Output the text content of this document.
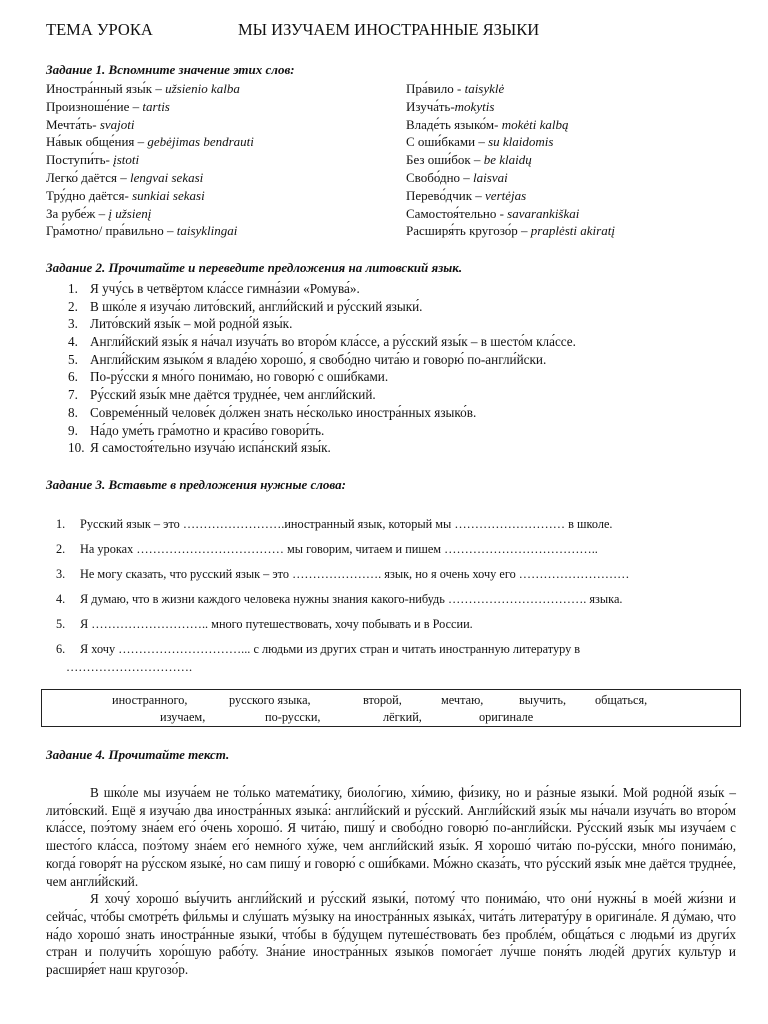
ТЕМА УРОКА	МЫ ИЗУЧАЕМ ИНОСТРАННЫЕ ЯЗЫКИ
Задание 1. Вспомните значение этих слов:
Иностра́нный язы́к – užsienio kalba
Произноше́ние – tartis
Мечта́ть- svajoti
На́вык обще́ния – gebėjimas bendrauti
Поступи́ть- įstoti
Легко́ даётся – lengvai sekasi
Тру́дно даётся- sunkiai sekasi
За рубе́ж – į užsienį
Гра́мотно/ пра́вильно – taisyklingai
Пра́вило - taisyklė
Изуча́ть-mokytis
Владе́ть языко́м- mokėti kalbą
С оши́бками – su klaidomis
Без оши́бок – be klaidų
Свобо́дно – laisvai
Перево́дчик – vertėjas
Самостоя́тельно - savarankiškai
Расширя́ть кругозо́р – praplėsti akiratį
Задание 2. Прочитайте и переведите предложения на литовский язык.
1. Я учу́сь в четвёртом кла́ссе гимна́зии «Ромува́».
2. В шко́ле я изуча́ю лито́вский, англи́йский и ру́сский языки́.
3. Лито́вский язы́к – мой родно́й язы́к.
4. Англи́йский язы́к я на́чал изуча́ть во второ́м кла́ссе, а ру́сский язы́к – в шесто́м кла́ссе.
5. Англи́йским языко́м я владе́ю хорошо́, я свобо́дно чита́ю и говорю́ по-англи́йски.
6. По-ру́сски я мно́го понима́ю, но говорю́ с оши́бками.
7. Ру́сский язы́к мне даётся трудне́е, чем англи́йский.
8. Совреме́нный челове́к до́лжен знать не́сколько иностра́нных языко́в.
9. На́до уме́ть гра́мотно и краси́во говори́ть.
10. Я самостоя́тельно изуча́ю испа́нский язы́к.
Задание 3. Вставьте в предложения нужные слова:
1. Русский язык – это …………………….иностранный язык, который мы ……………………… в школе.
2. На уроках ……………………………… мы говорим, читаем и пишем ………………………………..
3. Не могу сказать, что русский язык – это …………………. язык, но я очень хочу его ………………………
4. Я думаю, что в жизни каждого человека нужны знания какого-нибудь ……………………………. языка.
5. Я ……………………….. много путешествовать, хочу побывать и в России.
6. Я хочу …………………………... с людьми из других стран и читать иностранную литературу в
………………………….
иностранного,	русского языка,	второй,	мечтаю,	выучить, общаться,
изучаем,	по-русски,	лёгкий,	оригинале
Задание 4. Прочитайте текст.

В шко́ле мы изуча́ем не то́лько матема́тику, биоло́гию, хи́мию, фи́зику, но и ра́зные языки́. Мой родно́й язы́к – лито́вский. Ещё я изуча́ю два иностра́нных языка́: англи́йский и ру́сский. Англи́йский язы́к мы на́чали изуча́ть во второ́м кла́ссе, поэ́тому зна́ем его́ о́чень хорошо́. Я чита́ю, пишу́ и свобо́дно говорю́ по-англи́йски. Ру́сский язы́к мы изуча́ем с шесто́го кла́сса, поэ́тому зна́ем его́ немно́го ху́же, чем англи́йский язы́к. Я хорошо́ чита́ю по-ру́сски, мно́го понима́ю, когда́ говоря́т на ру́сском языке́, но сам пишу́ и говорю́ с оши́бками. Мо́жно сказа́ть, что ру́сский язы́к мне даётся трудне́е, чем англи́йский.

Я хочу́ хорошо́ вы́учить англи́йский и ру́сский языки́, потому́ что понима́ю, что они́ нужны́ в мое́й жи́зни и сейча́с, что́бы смотре́ть фи́льмы и слу́шать му́зыку на иностра́нных языка́х, чита́ть литерату́ру в оригина́ле. Я ду́маю, что на́до хорошо́ знать иностра́нные языки́, что́бы в бу́дущем путеше́ствовать без пробле́м, обща́ться с людьми́ из други́х стран и получи́ть хоро́шую рабо́ту. Зна́ние иностра́нных языко́в помога́ет лу́чше поня́ть люде́й други́х культу́р и расширя́ет наш кругозо́р.
